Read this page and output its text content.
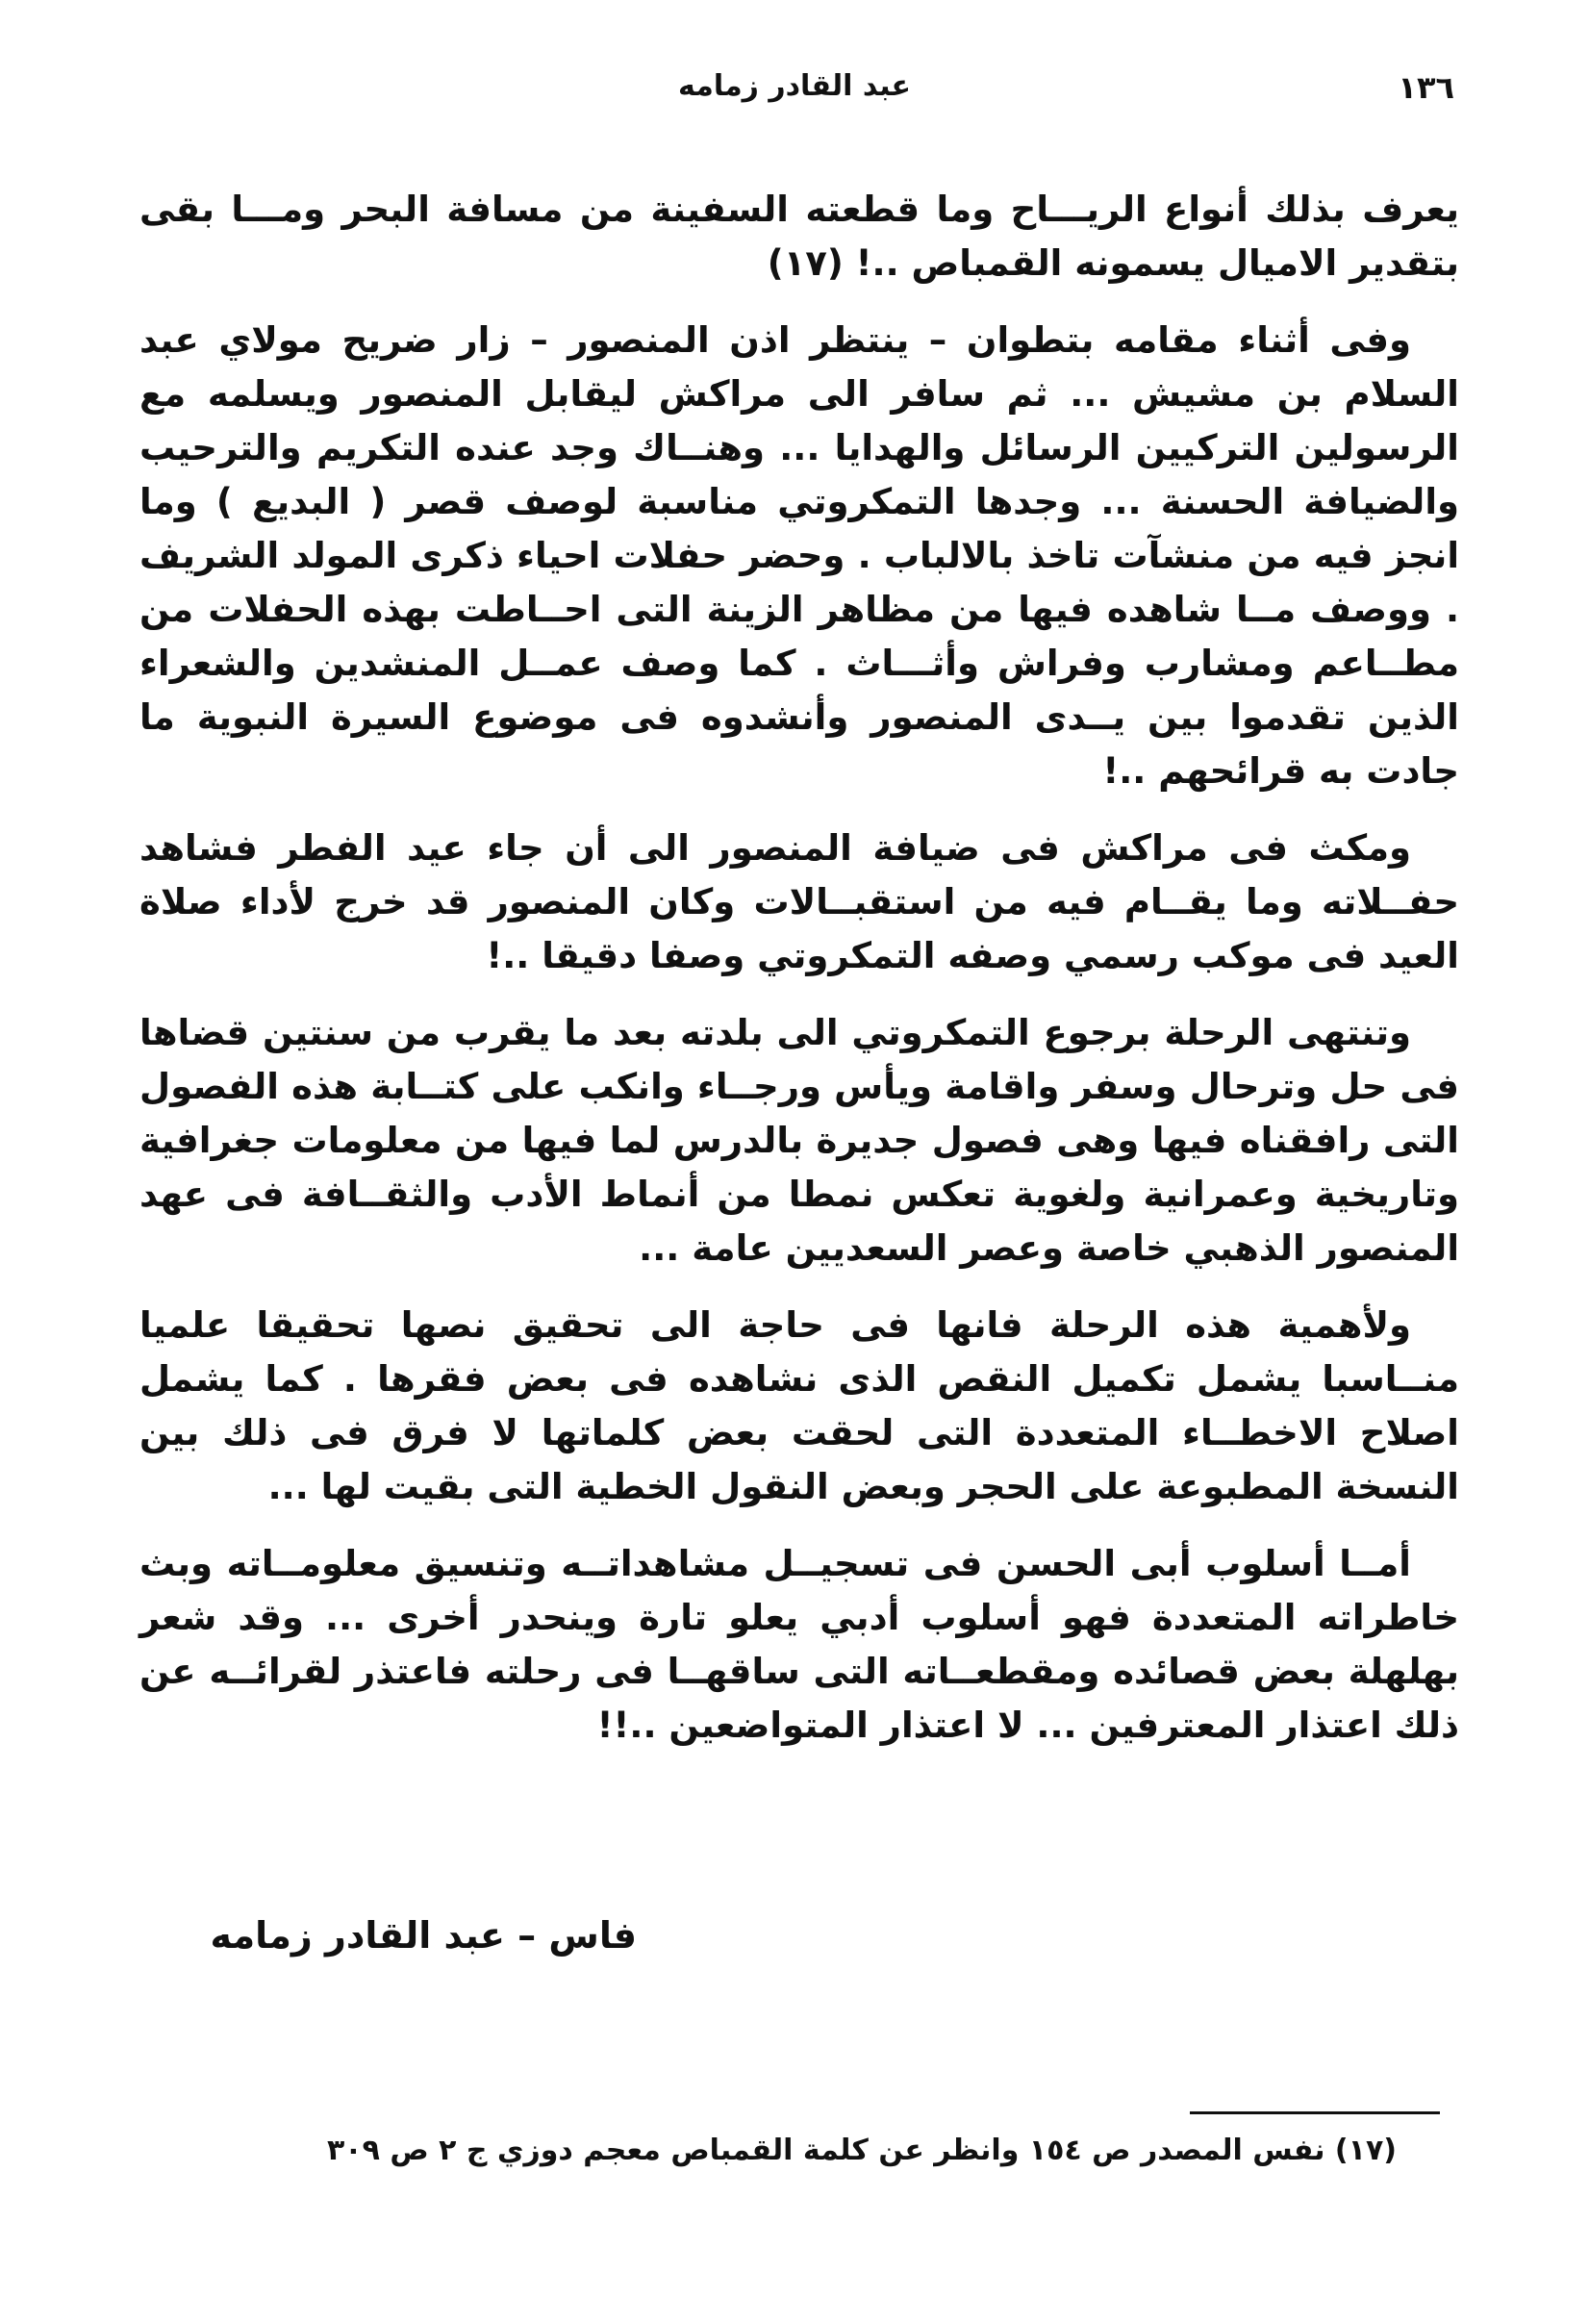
١٣٦
عبد القادر زمامه

يعرف بذلك أنواع الريـــاح وما قطعته السفينة من مسافة البحر ومـــا بقى بتقدير الاميال يسمونه القمباص ..! (١٧)

وفى أثناء مقامه بتطوان – ينتظر اذن المنصور – زار ضريح مولاي عبد السلام بن مشيش ... ثم سافر الى مراكش ليقابل المنصور ويسلمه مع الرسولين التركيين الرسائل والهدايا ... وهنــاك وجد عنده التكريم والترحيب والضيافة الحسنة ... وجدها التمكروتي مناسبة لوصف قصر ( البديع ) وما انجز فيه من منشآت تاخذ بالالباب . وحضر حفلات احياء ذكرى المولد الشريف . ووصف مــا شاهده فيها من مظاهر الزينة التى احــاطت بهذه الحفلات من مطــاعم ومشارب وفراش وأثـــاث . كما وصف عمــل المنشدين والشعراء الذين تقدموا بين يــدى المنصور وأنشدوه فى موضوع السيرة النبوية ما جادت به قرائحهم ..!

ومكث فى مراكش فى ضيافة المنصور الى أن جاء عيد الفطر فشاهد حفــلاته وما يقــام فيه من استقبــالات وكان المنصور قد خرج لأداء صلاة العيد فى موكب رسمي وصفه التمكروتي وصفا دقيقا ..!

وتنتهى الرحلة برجوع التمكروتي الى بلدته بعد ما يقرب من سنتين قضاها فى حل وترحال وسفر واقامة ويأس ورجــاء وانكب على كتــابة هذه الفصول التى رافقناه فيها وهى فصول جديرة بالدرس لما فيها من معلومات جغرافية وتاريخية وعمرانية ولغوية تعكس نمطا من أنماط الأدب والثقــافة فى عهد المنصور الذهبي خاصة وعصر السعديين عامة ...

ولأهمية هذه الرحلة فانها فى حاجة الى تحقيق نصها تحقيقا علميا منــاسبا يشمل تكميل النقص الذى نشاهده فى بعض فقرها . كما يشمل اصلاح الاخطــاء المتعددة التى لحقت بعض كلماتها لا فرق فى ذلك بين النسخة المطبوعة على الحجر وبعض النقول الخطية التى بقيت لها ...

أمــا أسلوب أبى الحسن فى تسجيــل مشاهداتــه وتنسيق معلومــاته وبث خاطراته المتعددة فهو أسلوب أدبي يعلو تارة وينحدر أخرى ... وقد شعر بهلهلة بعض قصائده ومقطعــاته التى ساقهــا فى رحلته فاعتذر لقرائــه عن ذلك اعتذار المعترفين ... لا اعتذار المتواضعين ..!!

فاس – عبد القادر زمامه
(١٧) نفس المصدر ص ١٥٤ وانظر عن كلمة القمباص معجم دوزي ج ٢ ص ٣٠٩
